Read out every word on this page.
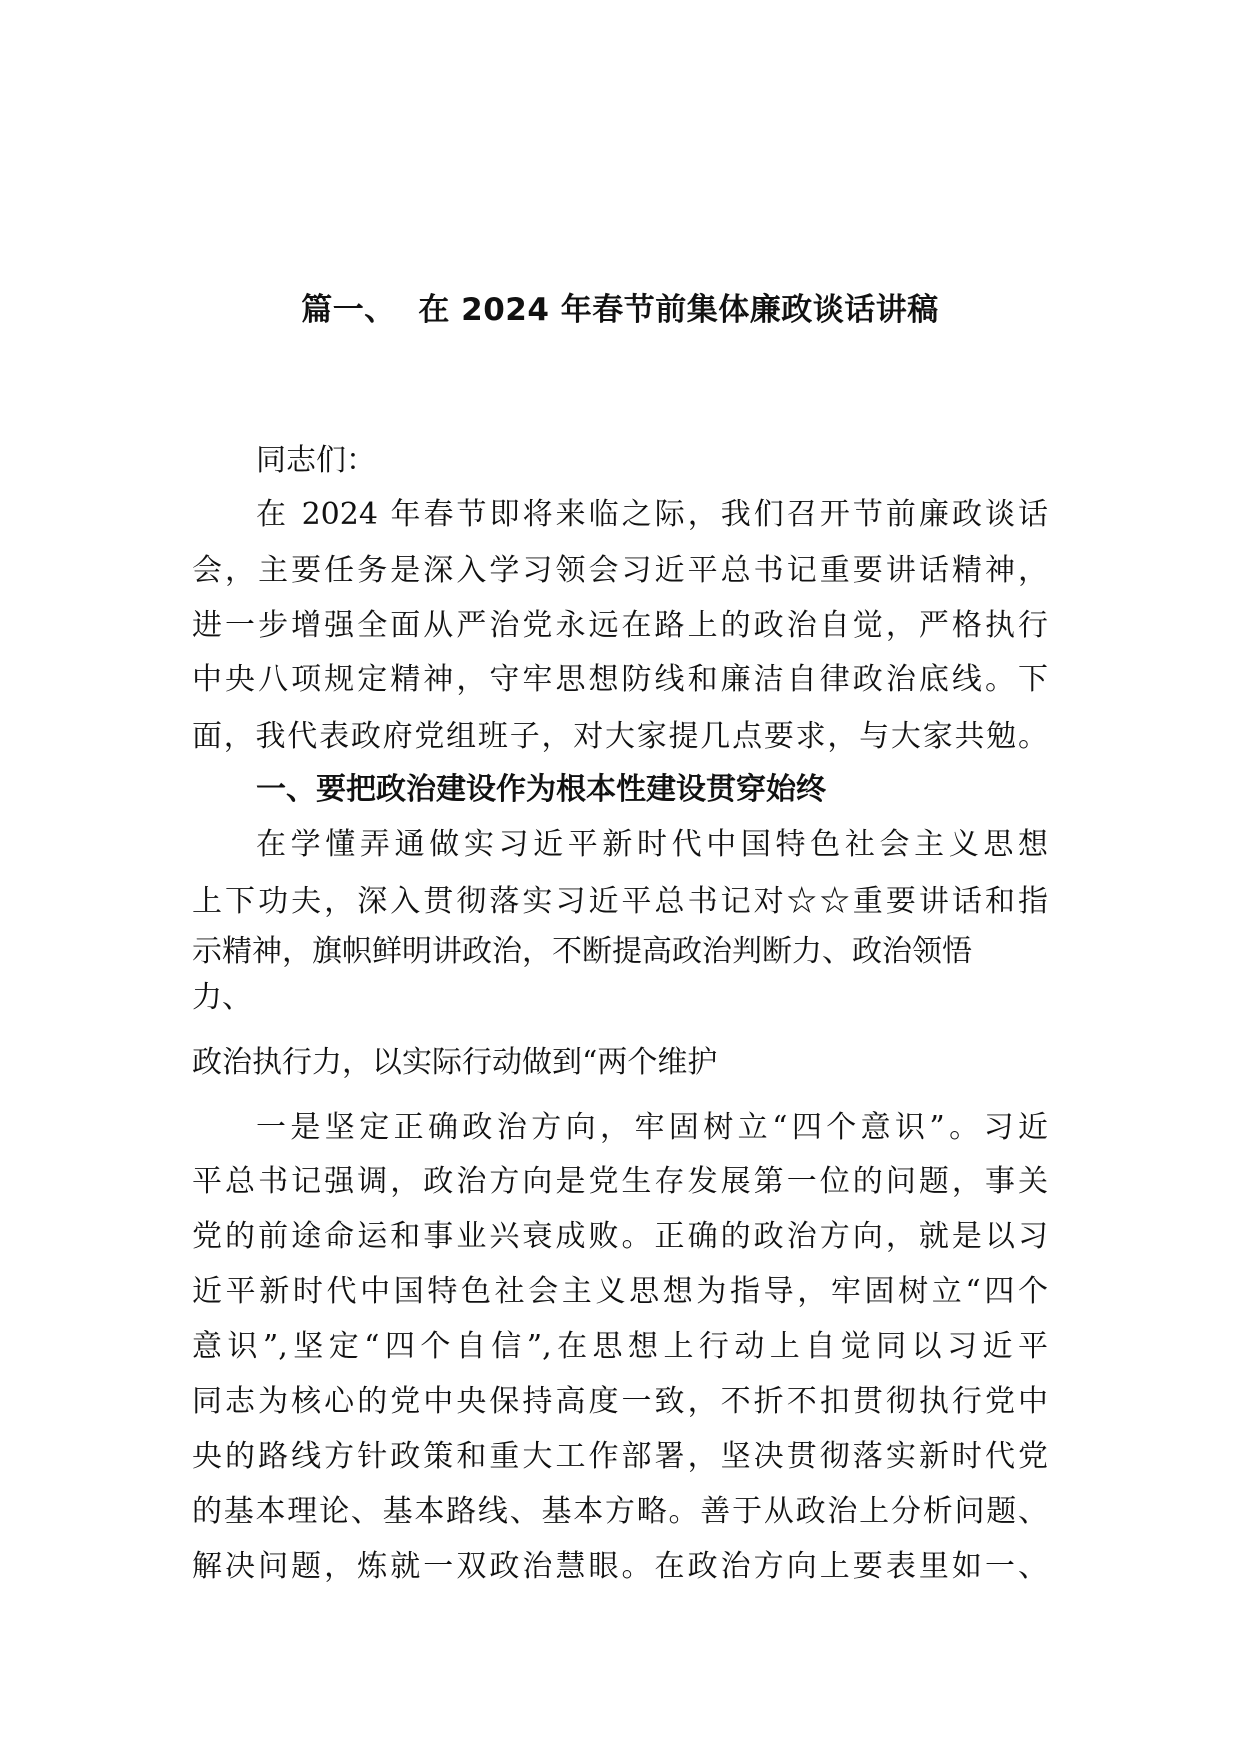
篇一、  在 2024 年春节前集体廉政谈话讲稿
同志们：
在 2024 年春节即将来临之际，我们召开节前廉政谈话
会，主要任务是深入学习领会习近平总书记重要讲话精神，
进一步增强全面从严治党永远在路上的政治自觉，严格执行
中央八项规定精神，守牢思想防线和廉洁自律政治底线。下
面，我代表政府党组班子，对大家提几点要求，与大家共勉。
一、要把政治建设作为根本性建设贯穿始终
在学懂弄通做实习近平新时代中国特色社会主义思想
上下功夫，深入贯彻落实习近平总书记对☆☆重要讲话和指
示精神，旗帜鲜明讲政治，不断提高政治判断力、政治领悟
力、
政治执行力，以实际行动做到“两个维护
一是坚定正确政治方向，牢固树立“四个意识”。习近
平总书记强调，政治方向是党生存发展第一位的问题，事关
党的前途命运和事业兴衰成败。正确的政治方向，就是以习
近平新时代中国特色社会主义思想为指导，牢固树立“四个
意识”,坚定“四个自信”,在思想上行动上自觉同以习近平
同志为核心的党中央保持高度一致，不折不扣贯彻执行党中
央的路线方针政策和重大工作部署，坚决贯彻落实新时代党
的基本理论、基本路线、基本方略。善于从政治上分析问题、
解决问题，炼就一双政治慧眼。在政治方向上要表里如一、
